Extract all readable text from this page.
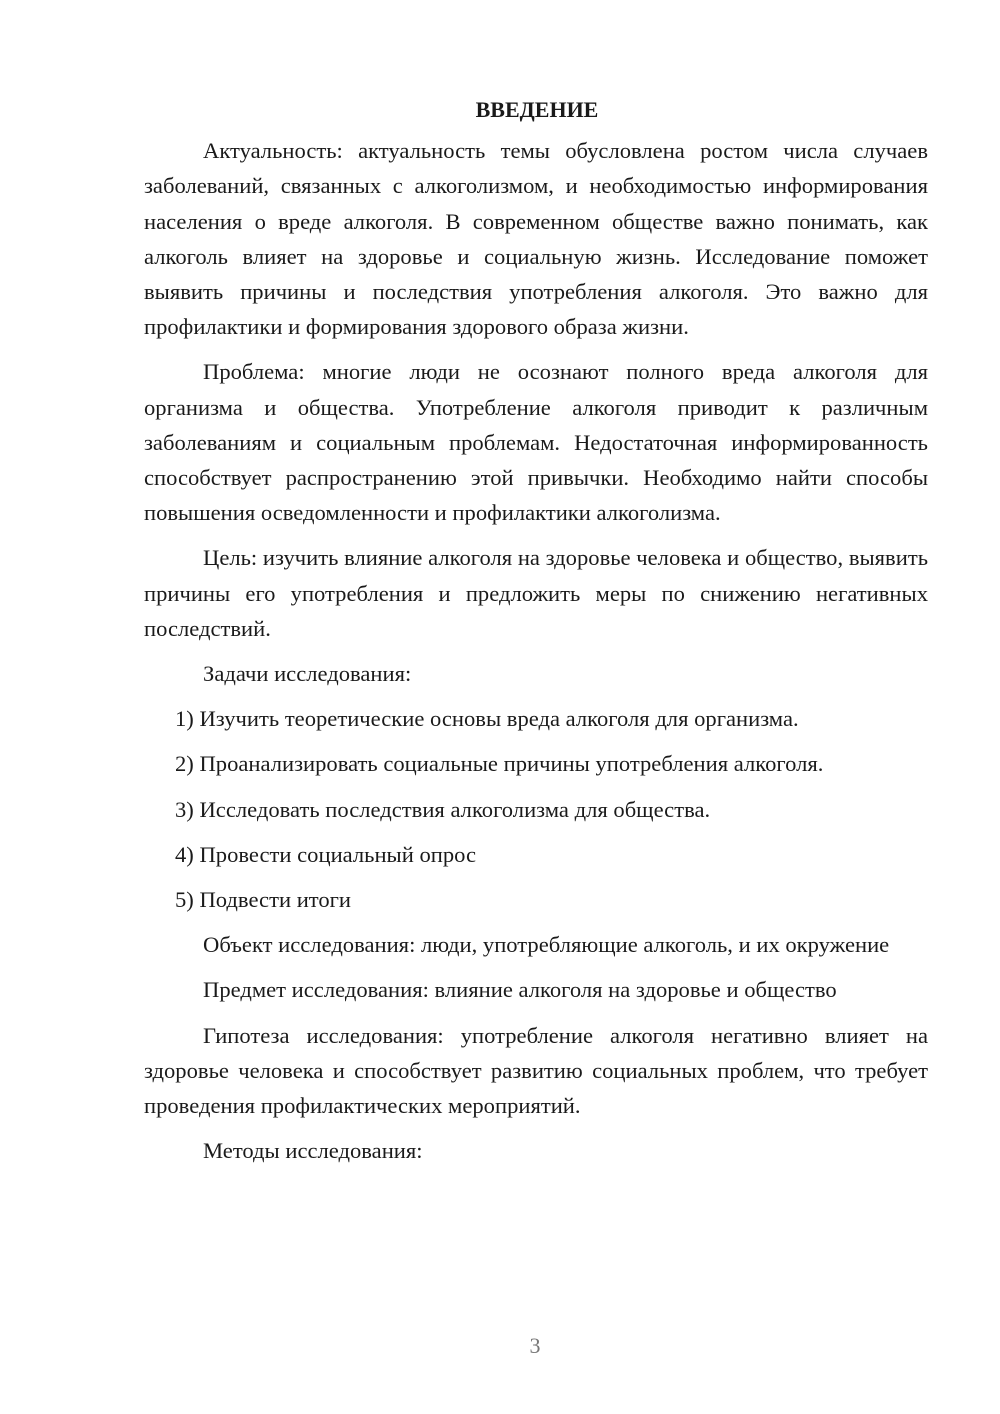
ВВЕДЕНИЕ

Актуальность: актуальность темы обусловлена ростом числа случаев заболеваний, связанных с алкоголизмом, и необходимостью информирования населения о вреде алкоголя. В современном обществе важно понимать, как алкоголь влияет на здоровье и социальную жизнь. Исследование поможет выявить причины и последствия употребления алкоголя. Это важно для профилактики и формирования здорового образа жизни.

Проблема: многие люди не осознают полного вреда алкоголя для организма и общества. Употребление алкоголя приводит к различным заболеваниям и социальным проблемам. Недостаточная информированность способствует распространению этой привычки. Необходимо найти способы повышения осведомленности и профилактики алкоголизма.

Цель: изучить влияние алкоголя на здоровье человека и общество, выявить причины его употребления и предложить меры по снижению негативных последствий.

Задачи исследования:

1) Изучить теоретические основы вреда алкоголя для организма.

2) Проанализировать социальные причины употребления алкоголя.

3) Исследовать последствия алкоголизма для общества.

4) Провести социальный опрос

5) Подвести итоги

Объект исследования: люди, употребляющие алкоголь, и их окружение

Предмет исследования: влияние алкоголя на здоровье и общество

Гипотеза исследования: употребление алкоголя негативно влияет на здоровье человека и способствует развитию социальных проблем, что требует проведения профилактических мероприятий.

Методы исследования:

3
